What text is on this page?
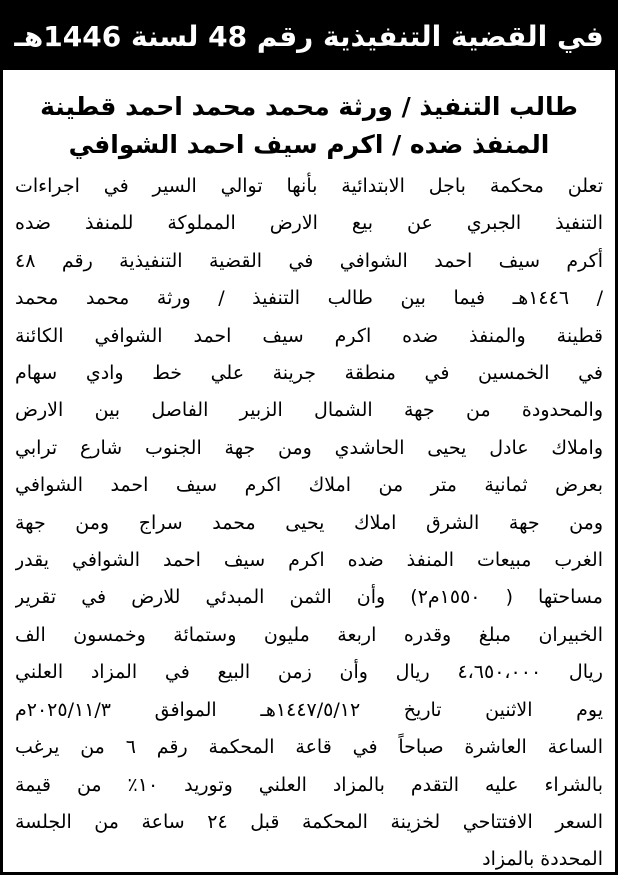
في القضية التنفيذية رقم 48 لسنة 1446هـ
طالب التنفيذ / ورثة محمد محمد احمد قطينة
المنفذ ضده / اكرم سيف احمد الشوافي
تعلن محكمة باجل الابتدائية بأنها توالي السير في اجراءات
التنفيذ الجبري عن بيع الارض المملوكة للمنفذ ضده
أكرم سيف احمد الشوافي في القضية التنفيذية رقم ٤٨
/ ١٤٤٦هـ فيما بين طالب التنفيذ / ورثة محمد محمد
قطينة والمنفذ ضده اكرم سيف احمد الشوافي الكائنة
في الخمسين في منطقة جرينة علي خط وادي سهام
والمحدودة من جهة الشمال الزبير الفاصل بين الارض
واملاك عادل يحيى الحاشدي ومن جهة الجنوب شارع ترابي
بعرض ثمانية متر من املاك اكرم سيف احمد الشوافي
ومن جهة الشرق املاك يحيى محمد سراج ومن جهة
الغرب مبيعات المنفذ ضده اكرم سيف احمد الشوافي يقدر
مساحتها ( ١٥٥٠م٢) وأن الثمن المبدئي للارض في تقرير
الخبيران مبلغ وقدره اربعة مليون وستمائة وخمسون الف
ريال ٤،٦٥٠،٠٠٠ ريال وأن زمن البيع في المزاد العلني
يوم الاثنين تاريخ ١٤٤٧/٥/١٢هـ الموافق ٢٠٢٥/١١/٣م
الساعة العاشرة صباحاً في قاعة المحكمة رقم ٦ من يرغب
بالشراء عليه التقدم بالمزاد العلني وتوريد ١٠٪ من قيمة
السعر الافتتاحي لخزينة المحكمة قبل ٢٤ ساعة من الجلسة
المحددة بالمزاد
